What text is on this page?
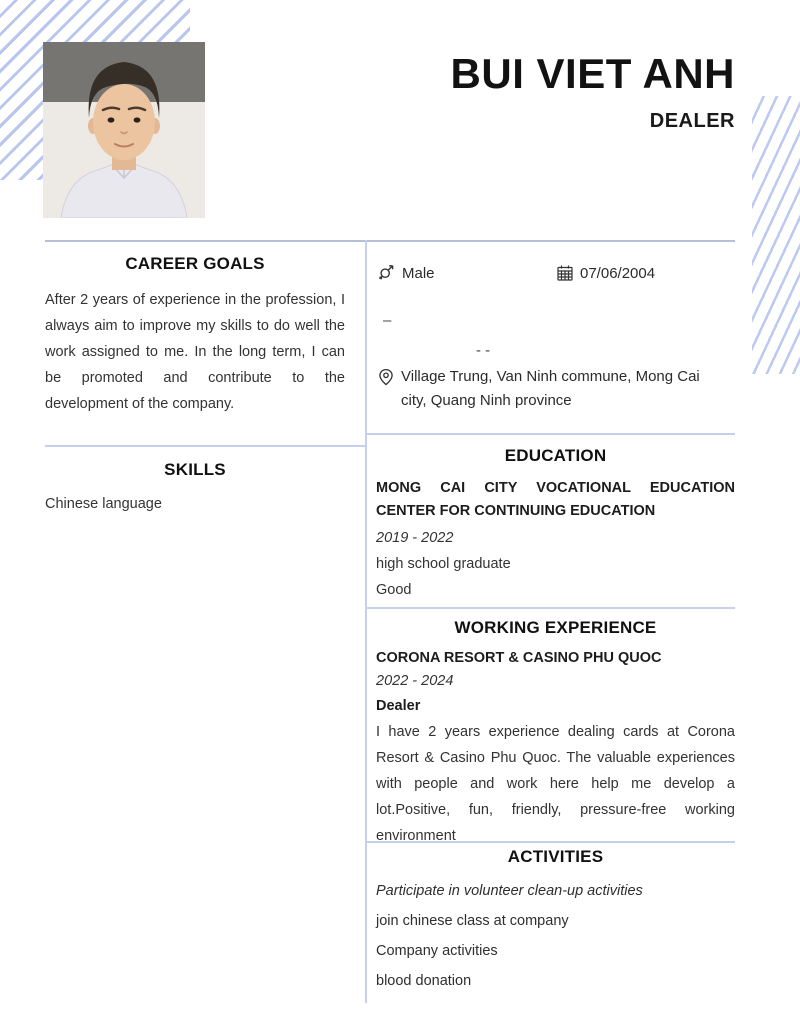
BUI VIET ANH
DEALER
CAREER GOALS

After 2 years of experience in the profession, I always aim to improve my skills to do well the work assigned to me. In the long term, I can be promoted and contribute to the development of the company.

SKILLS
Chinese language
Male	07/06/2004
–
- -
Village Trung, Van Ninh commune, Mong Cai city, Quang Ninh province
EDUCATION
MONG CAI CITY VOCATIONAL EDUCATION CENTER FOR CONTINUING EDUCATION
2019 - 2022
high school graduate
Good
WORKING EXPERIENCE
CORONA RESORT & CASINO PHU QUOC
2022 - 2024
Dealer
I have 2 years experience dealing cards at Corona Resort & Casino Phu Quoc. The valuable experiences with people and work here help me develop a lot.Positive, fun, friendly, pressure-free working environment
ACTIVITIES
Participate in volunteer clean-up activities
join chinese class at company
Company activities
blood donation
